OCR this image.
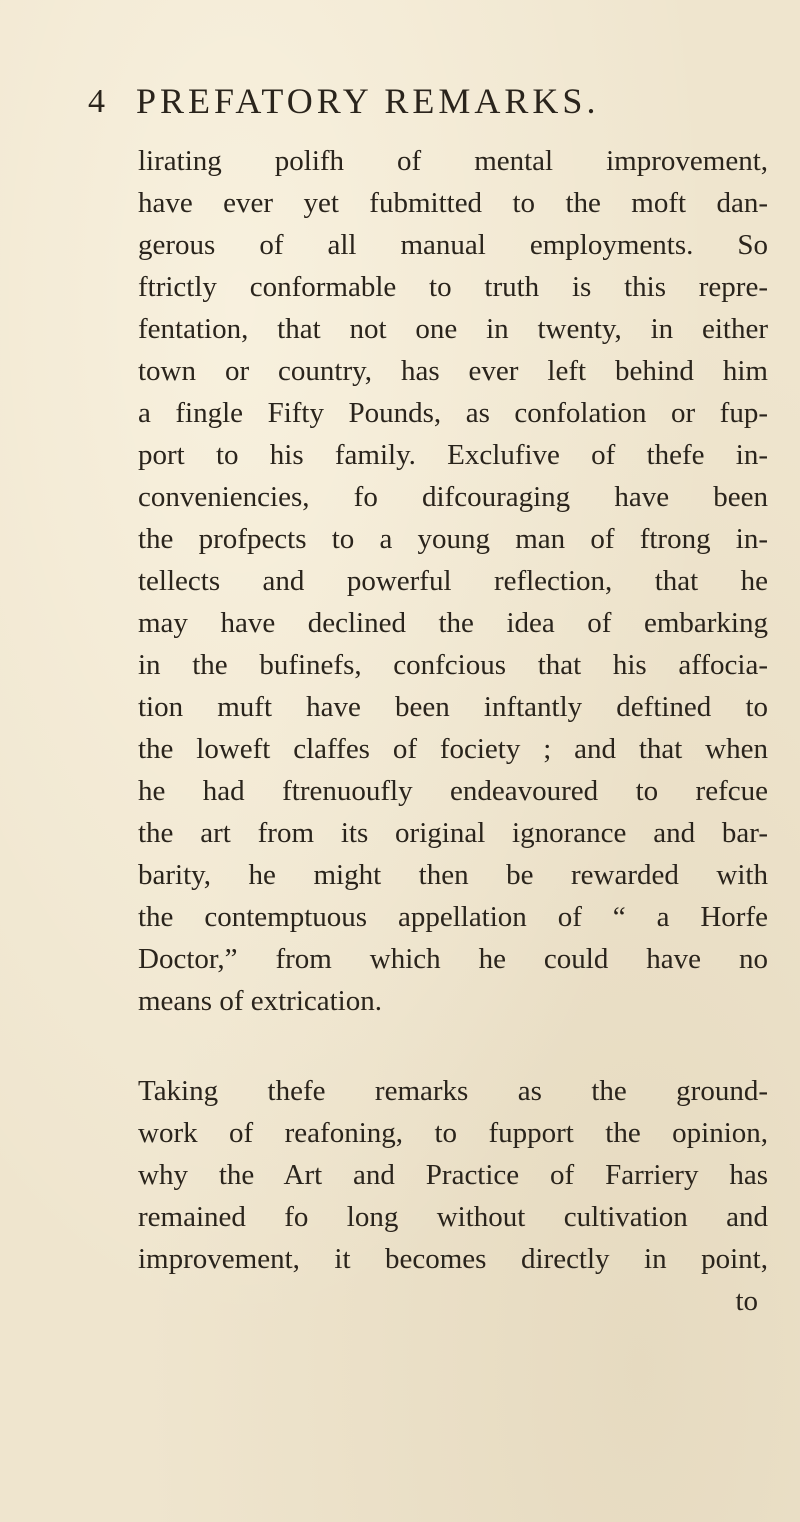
4 PREFATORY REMARKS.
lirating polifh of mental improvement,
have ever yet fubmitted to the moft dan-
gerous of all manual employments. So
ftrictly conformable to truth is this repre-
fentation, that not one in twenty, in either
town or country, has ever left behind him
a fingle Fifty Pounds, as confolation or fup-
port to his family. Exclufive of thefe in-
conveniencies, fo difcouraging have been
the profpects to a young man of ftrong in-
tellects and powerful reflection, that he
may have declined the idea of embarking
in the bufinefs, confcious that his affocia-
tion muft have been inftantly deftined to
the loweft claffes of fociety ; and that when
he had ftrenuoufly endeavoured to refcue
the art from its original ignorance and bar-
barity, he might then be rewarded with
the contemptuous appellation of “ a Horfe
Doctor,” from which he could have no
means of extrication.
Taking thefe remarks as the ground-
work of reafoning, to fupport the opinion,
why the Art and Practice of Farriery has
remained fo long without cultivation and
improvement, it becomes directly in point,
to
